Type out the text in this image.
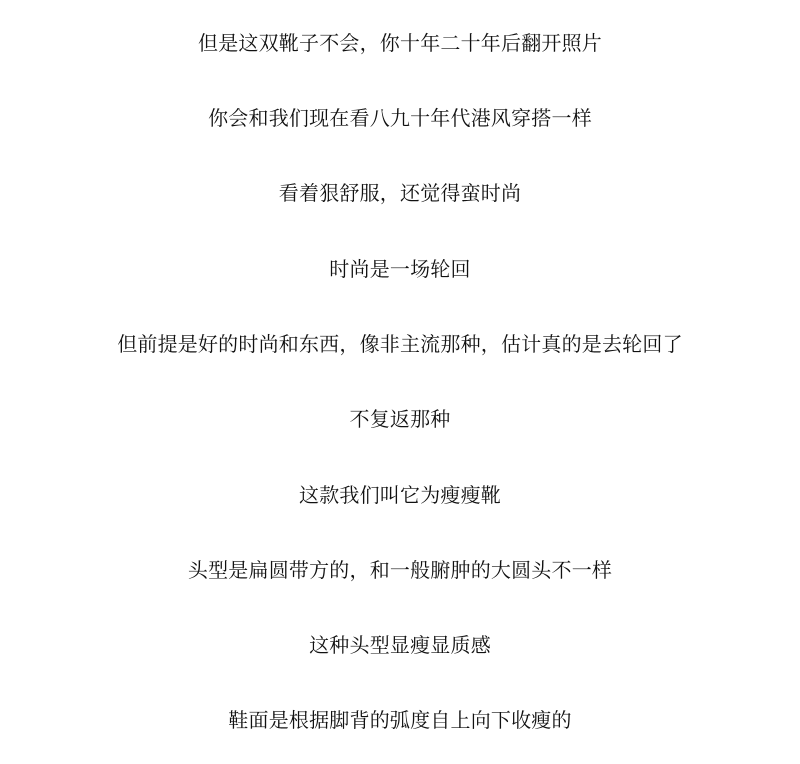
但是这双靴子不会，你十年二十年后翻开照片
你会和我们现在看八九十年代港风穿搭一样
看着狠舒服，还觉得蛮时尚
时尚是一场轮回
但前提是好的时尚和东西，像非主流那种，估计真的是去轮回了
不复返那种
这款我们叫它为瘦瘦靴
头型是扁圆带方的，和一般腑肿的大圆头不一样
这种头型显瘦显质感
鞋面是根据脚背的弧度自上向下收瘦的
